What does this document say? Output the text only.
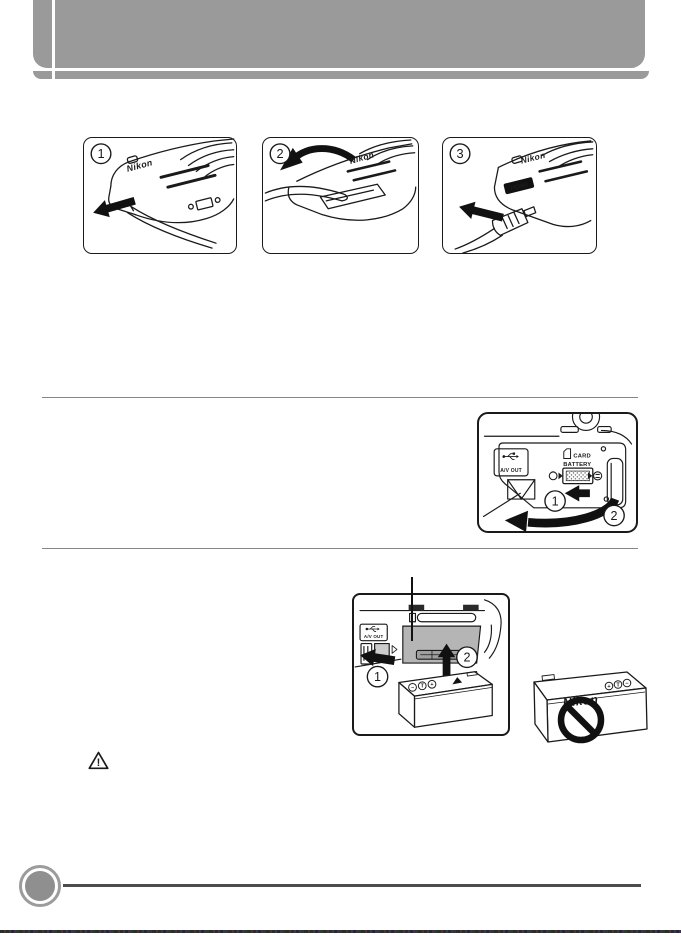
Nikon
1	Nikon
2
HDMI
Nikon
3
A/V OUT
CARD
BATTERY
1
2
A/V OUT
1
2
− T +	+ T −
Nikon
!
